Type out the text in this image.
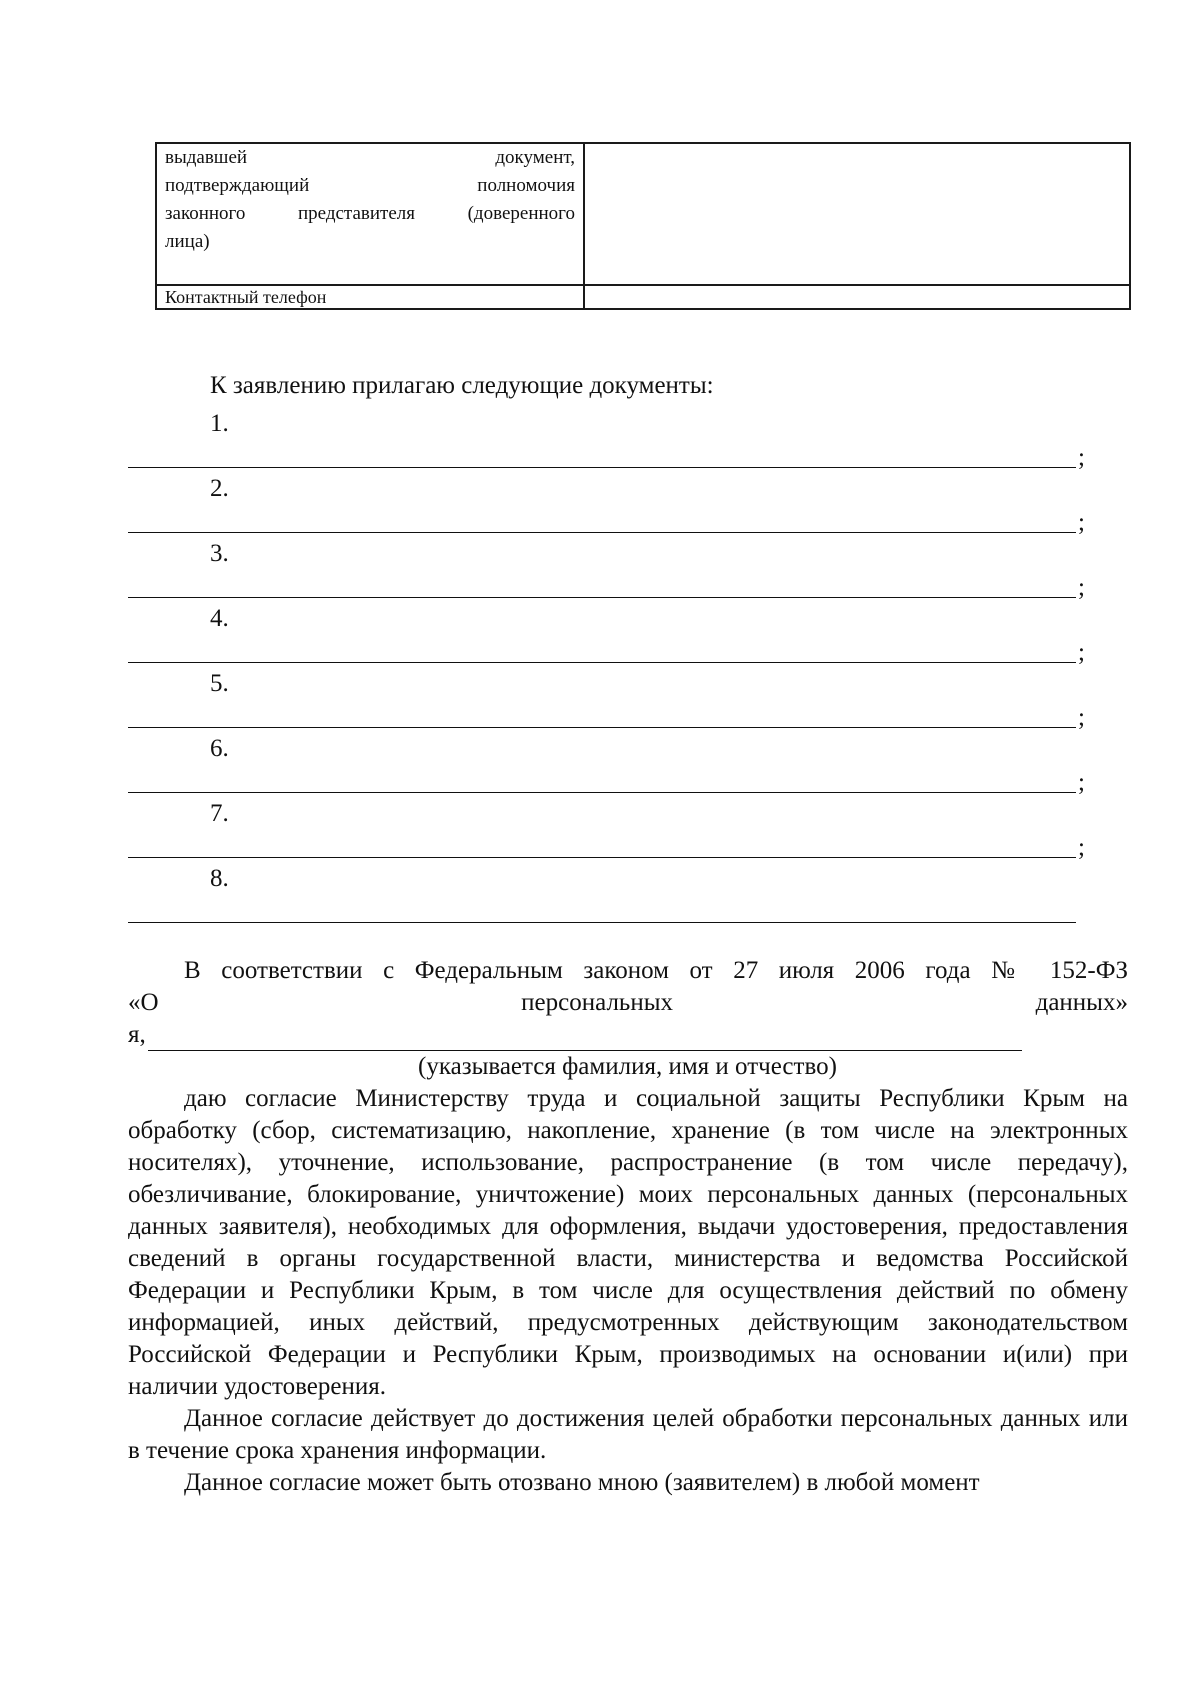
выдавшей документ,
подтверждающий полномочия
законного представителя (доверенного
лица)	

Контактный телефон	
К заявлению прилагаю следующие документы:
1.
;
2.
;
3.
;
4.
;
5.
;
6.
;
7.
;
8.

В соответствии с Федеральным законом от 27 июля 2006 года № 152-ФЗ

«О	персональных	данных»

я,

(указывается фамилия, имя и отчество)

даю согласие Министерству труда и социальной защиты Республики Крым на обработку (сбор, систематизацию, накопление, хранение (в том числе на электронных носителях), уточнение, использование, распространение (в том числе передачу), обезличивание, блокирование, уничтожение) моих персональных данных (персональных данных заявителя), необходимых для оформления, выдачи удостоверения, предоставления сведений в органы государственной власти, министерства и ведомства Российской Федерации и Республики Крым, в том числе для осуществления действий по обмену информацией, иных действий, предусмотренных действующим законодательством Российской Федерации и Республики Крым, производимых на основании и(или) при наличии удостоверения.

Данное согласие действует до достижения целей обработки персональных данных или в течение срока хранения информации.

Данное согласие может быть отозвано мною (заявителем) в любой момент
